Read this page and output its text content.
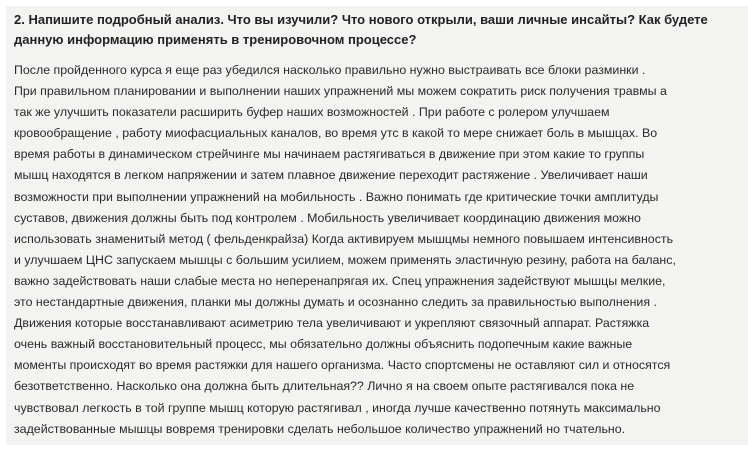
2. Напишите подробный анализ. Что вы изучили? Что нового открыли, ваши личные инсайты? Как будете
данную информацию применять в тренировочном процессе?
После пройденного курса я еще раз убедился насколько правильно нужно выстраивать все блоки разминки .
При правильном планировании и выполнении наших упражнений мы можем сократить риск получения травмы а
так же улучшить показатели расширить буфер наших возможностей . При работе с ролером улучшаем
кровообращение , работу миофасциальных каналов, во время утс в какой то мере снижает боль в мышцах. Во
время работы в динамическом стрейчинге мы начинаем растягиваться в движение при этом какие то группы
мышц находятся в легком напряжении и затем плавное движение переходит растяжение . Увеличивает наши
возможности при выполнении упражнений на мобильность . Важно понимать где критические точки амплитуды
суставов, движения должны быть под контролем . Мобильность увеличивает координацию движения можно
использовать знаменитый метод ( фельденкрайза) Когда активируем мышцмы немного повышаем интенсивность
и улучшаем ЦНС запускаем мышцы с большим усилием, можем применять эластичную резину, работа на баланс,
важно задействовать наши слабые места но неперенапрягая их. Спец упражнения задействуют мышцы мелкие,
это нестандартные движения, планки мы должны думать и осознанно следить за правильностью выполнения .
Движения которые восстанавливают асиметрию тела увеличивают и укрепляют связочный аппарат. Растяжка
очень важный восстановительный процесс, мы обязательно должны объяснить подопечным какие важные
моменты происходят во время растяжки для нашего организма. Часто спортсмены не оставляют сил и относятся
безответственно. Насколько она должна быть длительная?? Лично я на своем опыте растягивался пока не
чувствовал легкость в той группе мышц которую растягивал , иногда лучше качественно потянуть максимально
задействованные мышцы вовремя тренировки сделать небольшое количество упражнений но тчательно.
